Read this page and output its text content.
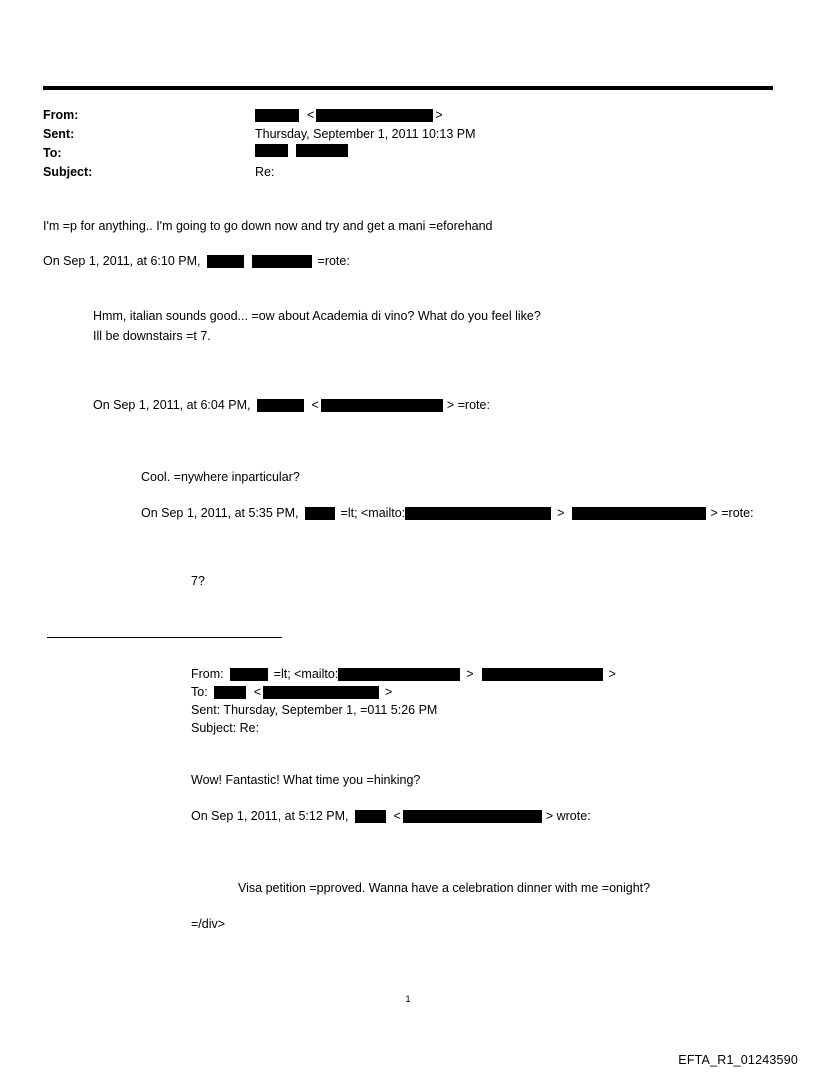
From:	<	>
Sent:	Thursday, September 1, 2011 10:13 PM
To:
Subject:	Re:
I'm =p for anything.. I'm going to go down now and try and get a mani =eforehand
On Sep 1, 2011, at 6:10 PM,	=rote:
Hmm, italian sounds good... =ow about Academia di vino? What do you feel like?
Ill be downstairs =t 7.
On Sep 1, 2011, at 6:04 PM,	<	> =rote:
Cool. =nywhere inparticular?
On Sep 1, 2011, at 5:35 PM,	=lt; <mailto:	>	> =rote:
7?
From:	=lt; <mailto:	>	>
To:	<	>
Sent: Thursday, September 1, =011 5:26 PM
Subject: Re:
Wow! Fantastic! What time you =hinking?
On Sep 1, 2011, at 5:12 PM,	<	> wrote:
Visa petition =pproved. Wanna have a celebration dinner with me =onight?
=/div>
1
EFTA_R1_01243590
